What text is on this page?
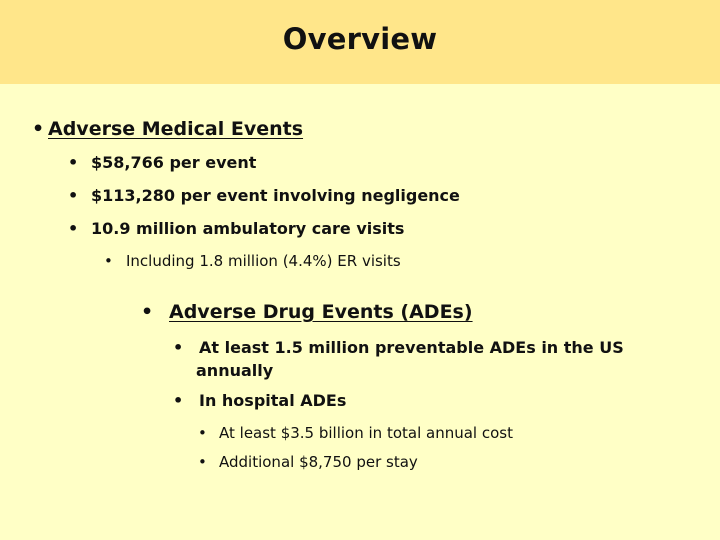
Overview
• Adverse Medical Events
• $58,766 per event
• $113,280 per event involving negligence
• 10.9 million ambulatory care visits
• Including 1.8 million (4.4%) ER visits
• Adverse Drug Events (ADEs)
• At least 1.5 million preventable ADEs in the US
annually
• In hospital ADEs
• At least $3.5 billion in total annual cost
• Additional $8,750 per stay
